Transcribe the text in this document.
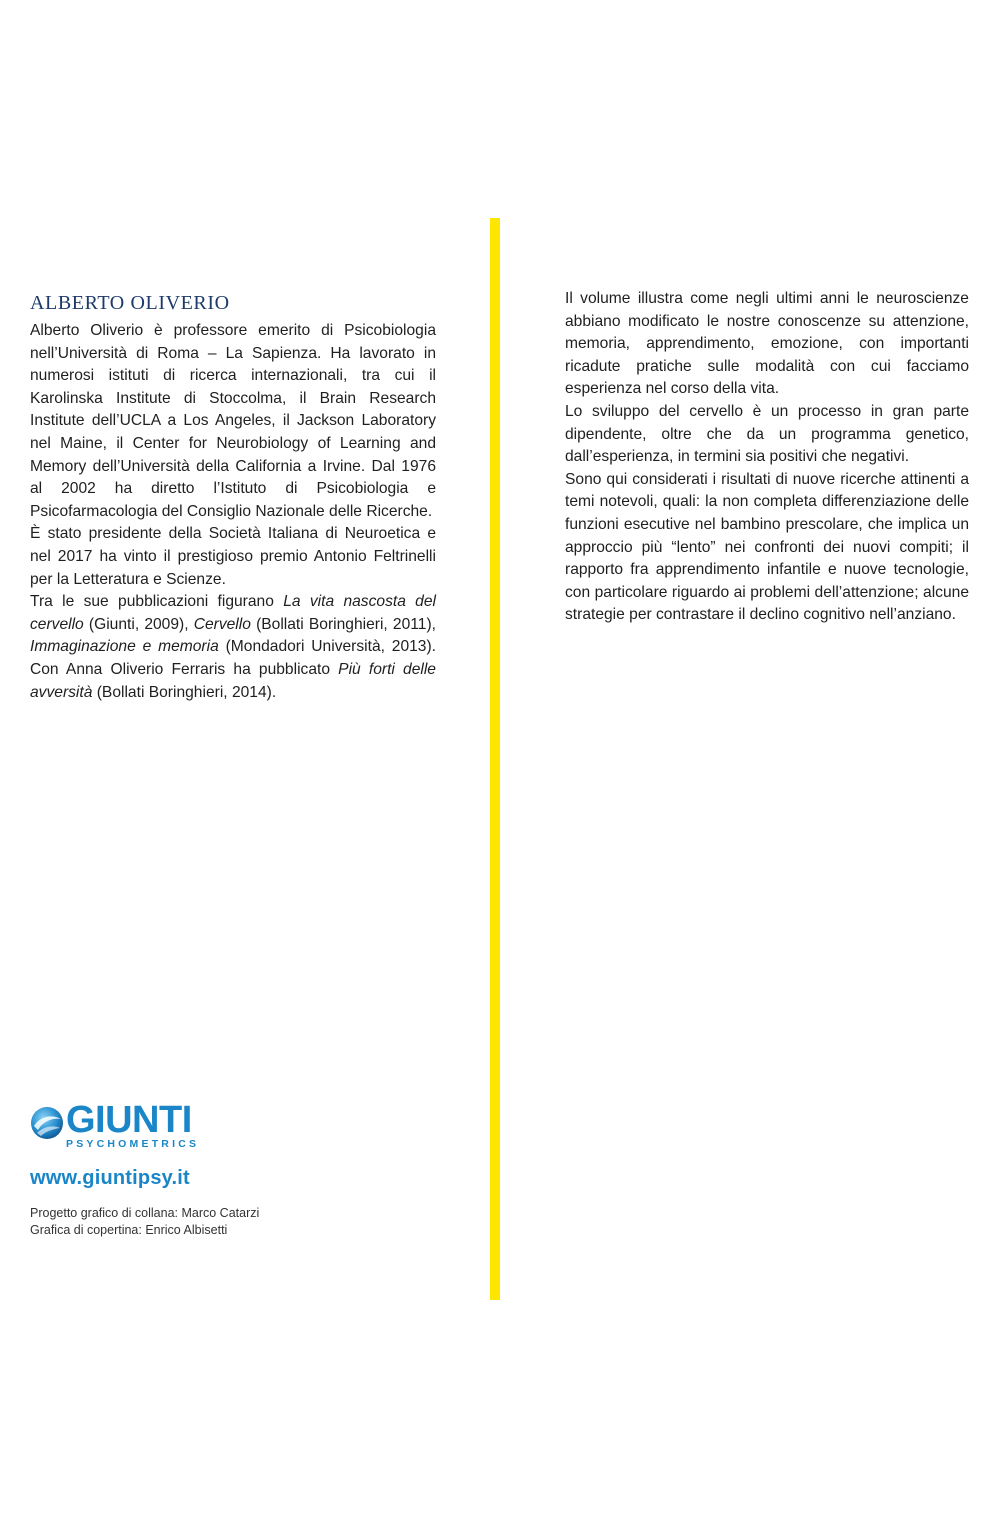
ALBERTO OLIVERIO

Alberto Oliverio è professore emerito di Psicobiologia nell’Università di Roma – La Sapienza. Ha lavorato in numerosi istituti di ricerca internazionali, tra cui il Karolinska Institute di Stoccolma, il Brain Research Institute dell’UCLA a Los Angeles, il Jackson Laboratory nel Maine, il Center for Neurobiology of Learning and Memory dell’Università della California a Irvine. Dal 1976 al 2002 ha diretto l’Istituto di Psicobiologia e Psicofarmacologia del Consiglio Nazionale delle Ricerche.

È stato presidente della Società Italiana di Neuroetica e nel 2017 ha vinto il prestigioso premio Antonio Feltrinelli per la Letteratura e Scienze.

Tra le sue pubblicazioni figurano La vita nascosta del cervello (Giunti, 2009), Cervello (Bollati Boringhieri, 2011), Immaginazione e memoria (Mondadori Università, 2013). Con Anna Oliverio Ferraris ha pubblicato Più forti delle avversità (Bollati Boringhieri, 2014).

Il volume illustra come negli ultimi anni le neuroscienze abbiano modificato le nostre conoscenze su attenzione, memoria, apprendimento, emozione, con importanti ricadute pratiche sulle modalità con cui facciamo esperienza nel corso della vita.

Lo sviluppo del cervello è un processo in gran parte dipendente, oltre che da un programma genetico, dall’esperienza, in termini sia positivi che negativi.

Sono qui considerati i risultati di nuove ricerche attinenti a temi notevoli, quali: la non completa differenziazione delle funzioni esecutive nel bambino prescolare, che implica un approccio più “lento” nei confronti dei nuovi compiti; il rapporto fra apprendimento infantile e nuove tecnologie, con particolare riguardo ai problemi dell’attenzione; alcune strategie per contrastare il declino cognitivo nell’anziano.

GIUNTI
PSYCHOMETRICS
www.giuntipsy.it
Progetto grafico di collana: Marco Catarzi
Grafica di copertina: Enrico Albisetti
